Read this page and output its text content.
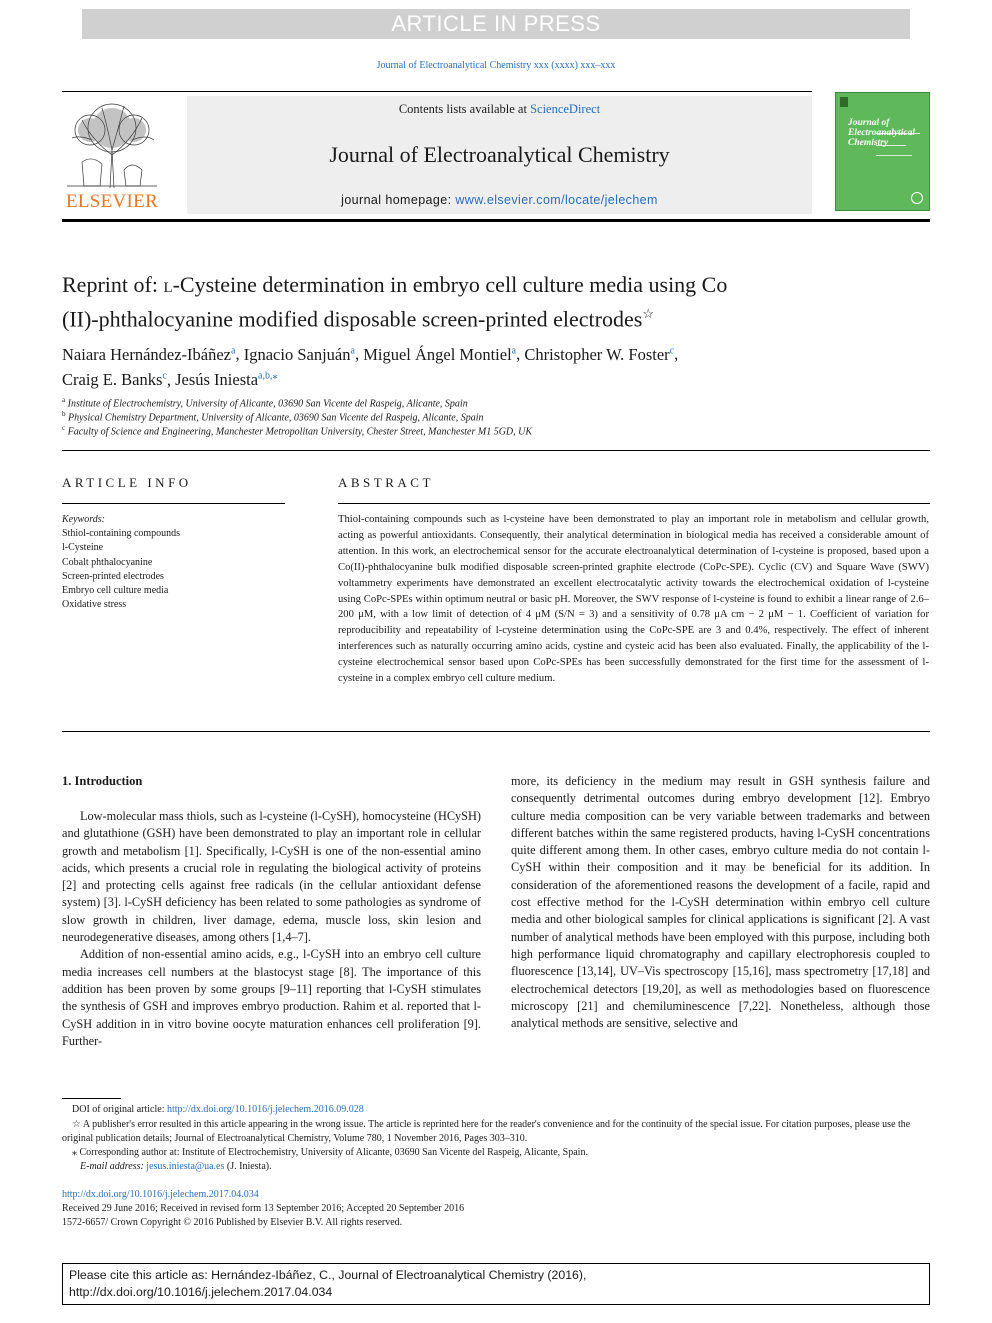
ARTICLE IN PRESS
Journal of Electroanalytical Chemistry xxx (xxxx) xxx–xxx
ELSEVIER
Contents lists available at ScienceDirect
Journal of Electroanalytical Chemistry
journal homepage: www.elsevier.com/locate/jelechem
Journal of Electroanalytical Chemistry
Reprint of: l-Cysteine determination in embryo cell culture media using Co
(II)-phthalocyanine modified disposable screen-printed electrodes☆
Naiara Hernández-Ibáñez$^a$, Ignacio Sanjuán$^a$, Miguel Ángel Montiel$^a$, Christopher W. Foster$^c$,
Craig E. Banks$^c$, Jesús Iniesta$^{a,b,⁎}$
$^a$ Institute of Electrochemistry, University of Alicante, 03690 San Vicente del Raspeig, Alicante, Spain
$^b$ Physical Chemistry Department, University of Alicante, 03690 San Vicente del Raspeig, Alicante, Spain
$^c$ Faculty of Science and Engineering, Manchester Metropolitan University, Chester Street, Manchester M1 5GD, UK
ARTICLE INFO
Keywords:
Sthiol-containing compounds
l-Cysteine
Cobalt phthalocyanine
Screen-printed electrodes
Embryo cell culture media
Oxidative stress
ABSTRACT
Thiol-containing compounds such as l-cysteine have been demonstrated to play an important role in metabolism and cellular growth, acting as powerful antioxidants. Consequently, their analytical determination in biological media has received a considerable amount of attention. In this work, an electrochemical sensor for the accurate electroanalytical determination of l-cysteine is proposed, based upon a Co(II)-phthalocyanine bulk modified disposable screen-printed graphite electrode (CoPc-SPE). Cyclic (CV) and Square Wave (SWV) voltammetry experiments have demonstrated an excellent electrocatalytic activity towards the electrochemical oxidation of l-cysteine using CoPc-SPEs within optimum neutral or basic pH. Moreover, the SWV response of l-cysteine is found to exhibit a linear range of 2.6–200 μM, with a low limit of detection of 4 μM (S/N = 3) and a sensitivity of 0.78 μA cm − 2 μM − 1. Coefficient of variation for reproducibility and repeatability of l-cysteine determination using the CoPc-SPE are 3 and 0.4%, respectively. The effect of inherent interferences such as naturally occurring amino acids, cystine and cysteic acid has been also evaluated. Finally, the applicability of the l-cysteine electrochemical sensor based upon CoPc-SPEs has been successfully demonstrated for the first time for the assessment of l-cysteine in a complex embryo cell culture medium.
1. Introduction

Low-molecular mass thiols, such as l-cysteine (l-CySH), homocysteine (HCySH) and glutathione (GSH) have been demonstrated to play an important role in cellular growth and metabolism [1]. Specifically, l-CySH is one of the non-essential amino acids, which presents a crucial role in regulating the biological activity of proteins [2] and protecting cells against free radicals (in the cellular antioxidant defense system) [3]. l-CySH deficiency has been related to some pathologies as syndrome of slow growth in children, liver damage, edema, muscle loss, skin lesion and neurodegenerative diseases, among others [1,4–7].

Addition of non-essential amino acids, e.g., l-CySH into an embryo cell culture media increases cell numbers at the blastocyst stage [8]. The importance of this addition has been proven by some groups [9–11] reporting that l-CySH stimulates the synthesis of GSH and improves embryo production. Rahim et al. reported that l-CySH addition in in vitro bovine oocyte maturation enhances cell proliferation [9]. Further-

more, its deficiency in the medium may result in GSH synthesis failure and consequently detrimental outcomes during embryo development [12]. Embryo culture media composition can be very variable between trademarks and between different batches within the same registered products, having l-CySH concentrations quite different among them. In other cases, embryo culture media do not contain l-CySH within their composition and it may be beneficial for its addition. In consideration of the aforementioned reasons the development of a facile, rapid and cost effective method for the l-CySH determination within embryo cell culture media and other biological samples for clinical applications is significant [2]. A vast number of analytical methods have been employed with this purpose, including both high performance liquid chromatography and capillary electrophoresis coupled to fluorescence [13,14], UV–Vis spectroscopy [15,16], mass spectrometry [17,18] and electrochemical detectors [19,20], as well as methodologies based on fluorescence microscopy [21] and chemiluminescence [7,22]. Nonetheless, although those analytical methods are sensitive, selective and
DOI of original article: http://dx.doi.org/10.1016/j.jelechem.2016.09.028
☆ A publisher's error resulted in this article appearing in the wrong issue. The article is reprinted here for the reader's convenience and for the continuity of the special issue. For citation purposes, please use the original publication details; Journal of Electroanalytical Chemistry, Volume 780, 1 November 2016, Pages 303–310.
⁎ Corresponding author at: Institute of Electrochemistry, University of Alicante, 03690 San Vicente del Raspeig, Alicante, Spain.
E-mail address: jesus.iniesta@ua.es (J. Iniesta).
http://dx.doi.org/10.1016/j.jelechem.2017.04.034
Received 29 June 2016; Received in revised form 13 September 2016; Accepted 20 September 2016
1572-6657/ Crown Copyright © 2016 Published by Elsevier B.V. All rights reserved.
Please cite this article as: Hernández-Ibáñez, C., Journal of Electroanalytical Chemistry (2016),
http://dx.doi.org/10.1016/j.jelechem.2017.04.034
